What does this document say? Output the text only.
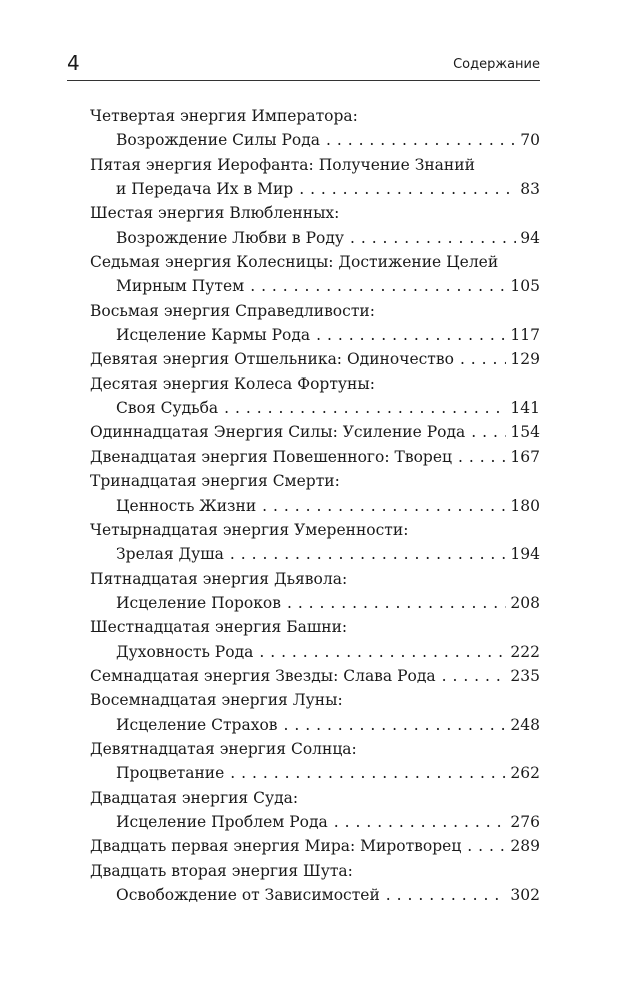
4	Содержание
Четвертая энергия Императора:
Возрождение Силы Рода . . .	70
Пятая энергия Иерофанта: Получение Знаний
и Передача Их в Мир . . .	83
Шестая энергия Влюбленных:
Возрождение Любви в Роду . . .	94
Седьмая энергия Колесницы: Достижение Целей
Мирным Путем . . .	105
Восьмая энергия Справедливости:
Исцеление Кармы Рода . . .	117
Девятая энергия Отшельника: Одиночество . . .	129
Десятая энергия Колеса Фортуны:
Своя Судьба . . .	141
Одиннадцатая Энергия Силы: Усиление Рода . . .	154
Двенадцатая энергия Повешенного: Творец . . .	167
Тринадцатая энергия Смерти:
Ценность Жизни . . .	180
Четырнадцатая энергия Умеренности:
Зрелая Душа . . .	194
Пятнадцатая энергия Дьявола:
Исцеление Пороков . . .	208
Шестнадцатая энергия Башни:
Духовность Рода . . .	222
Семнадцатая энергия Звезды: Слава Рода . . .	235
Восемнадцатая энергия Луны:
Исцеление Страхов . . .	248
Девятнадцатая энергия Солнца:
Процветание . . .	262
Двадцатая энергия Суда:
Исцеление Проблем Рода . . .	276
Двадцать первая энергия Мира: Миротворец . . .	289
Двадцать вторая энергия Шута:
Освобождение от Зависимостей . . .	302
